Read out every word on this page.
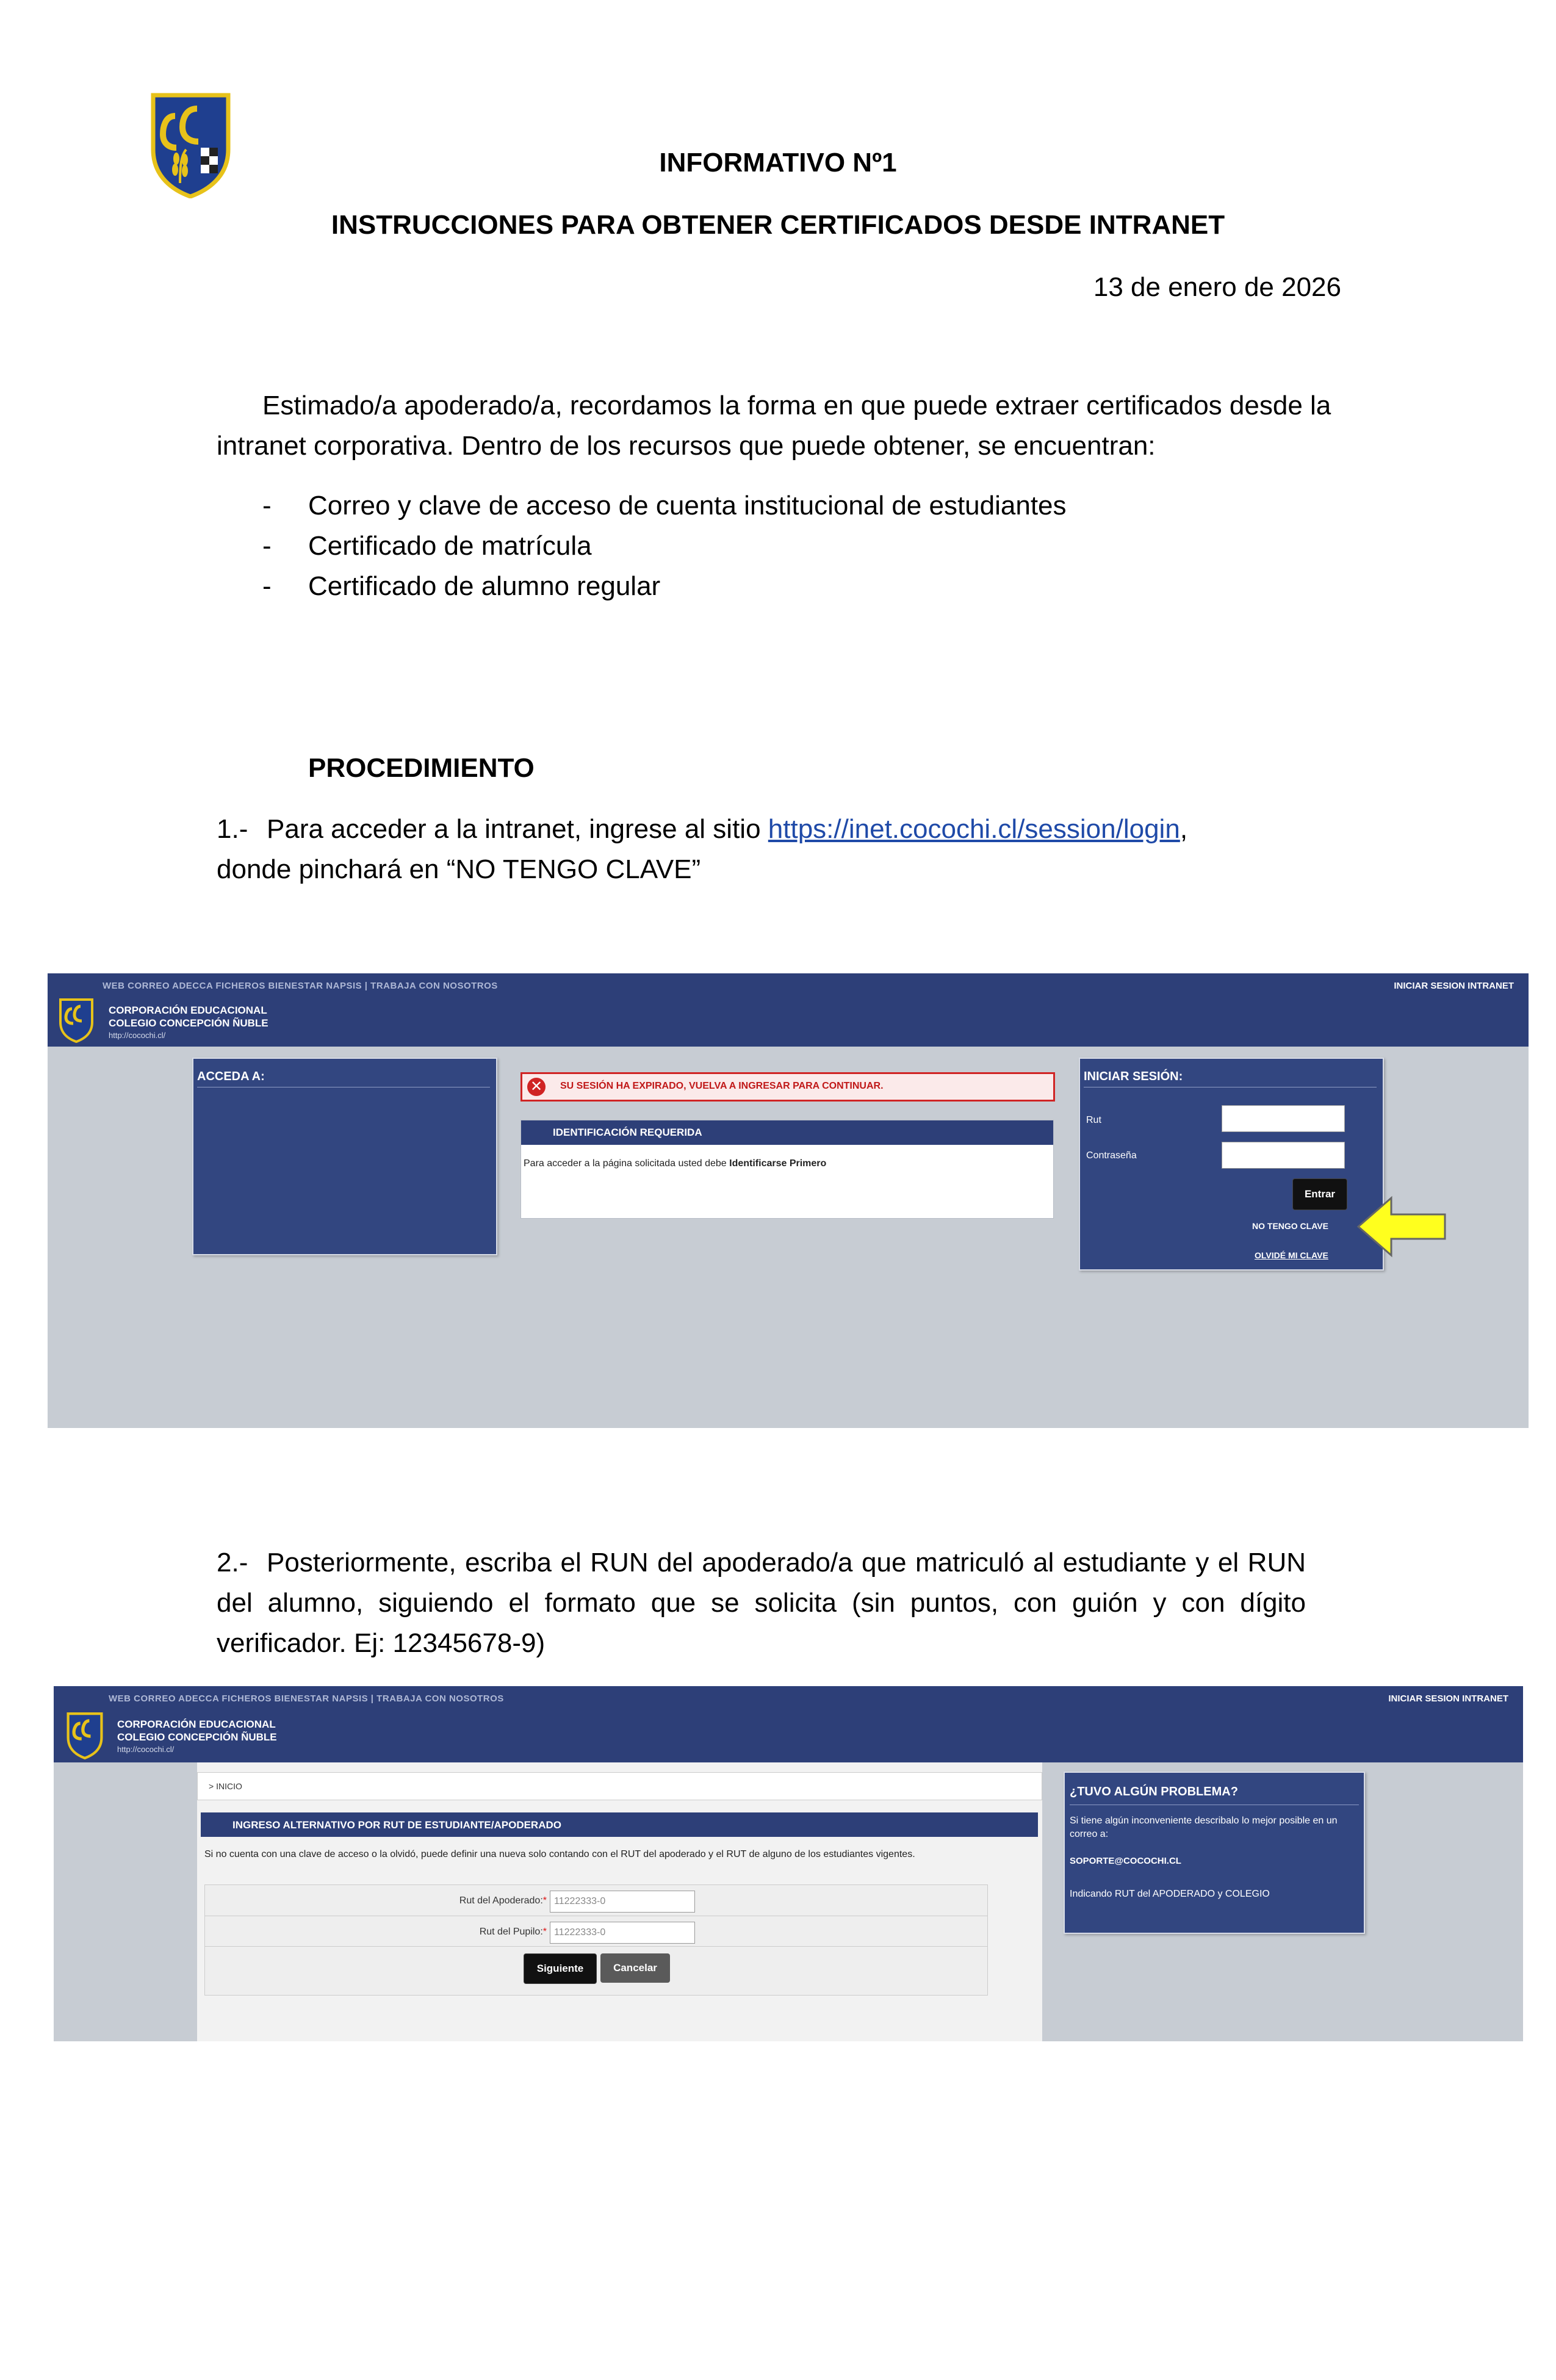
INFORMATIVO Nº1
INSTRUCCIONES PARA OBTENER CERTIFICADOS DESDE INTRANET
13 de enero de 2026
Estimado/a apoderado/a, recordamos la forma en que puede extraer certificados desde la intranet corporativa. Dentro de los recursos que puede obtener, se encuentran:
- Correo y clave de acceso de cuenta institucional de estudiantes
- Certificado de matrícula
- Certificado de alumno regular
PROCEDIMIENTO
1.- Para acceder a la intranet, ingrese al sitio https://inet.cocochi.cl/session/login,
donde pinchará en “NO TENGO CLAVE”
WEB CORREO ADECCA FICHEROS BIENESTAR NAPSIS | TRABAJA CON NOSOTROS	INICIAR SESION INTRANET
CORPORACIÓN EDUCACIONAL
COLEGIO CONCEPCIÓN ÑUBLE
http://cocochi.cl/
ACCEDA A:
✕	SU SESIÓN HA EXPIRADO, VUELVA A INGRESAR PARA CONTINUAR.
IDENTIFICACIÓN REQUERIDA
Para acceder a la página solicitada usted debe Identificarse Primero
INICIAR SESIÓN:
Rut
Contraseña
Entrar
NO TENGO CLAVE
OLVIDÉ MI CLAVE
2.- Posteriormente, escriba el RUN del apoderado/a que matriculó al estudiante y el RUN del alumno, siguiendo el formato que se solicita (sin puntos, con guión y con dígito verificador. Ej: 12345678-9)
WEB CORREO ADECCA FICHEROS BIENESTAR NAPSIS | TRABAJA CON NOSOTROS	INICIAR SESION INTRANET
CORPORACIÓN EDUCACIONAL
COLEGIO CONCEPCIÓN ÑUBLE
http://cocochi.cl/
> INICIO
INGRESO ALTERNATIVO POR RUT DE ESTUDIANTE/APODERADO
Si no cuenta con una clave de acceso o la olvidó, puede definir una nueva solo contando con el RUT del apoderado y el RUT de alguno de los estudiantes vigentes.
Rut del Apoderado:* 11222333-0
Rut del Pupilo:* 11222333-0
Siguiente	Cancelar
¿TUVO ALGÚN PROBLEMA?
Si tiene algún inconveniente describalo lo mejor posible en un correo a:
SOPORTE@COCOCHI.CL
Indicando RUT del APODERADO y COLEGIO
